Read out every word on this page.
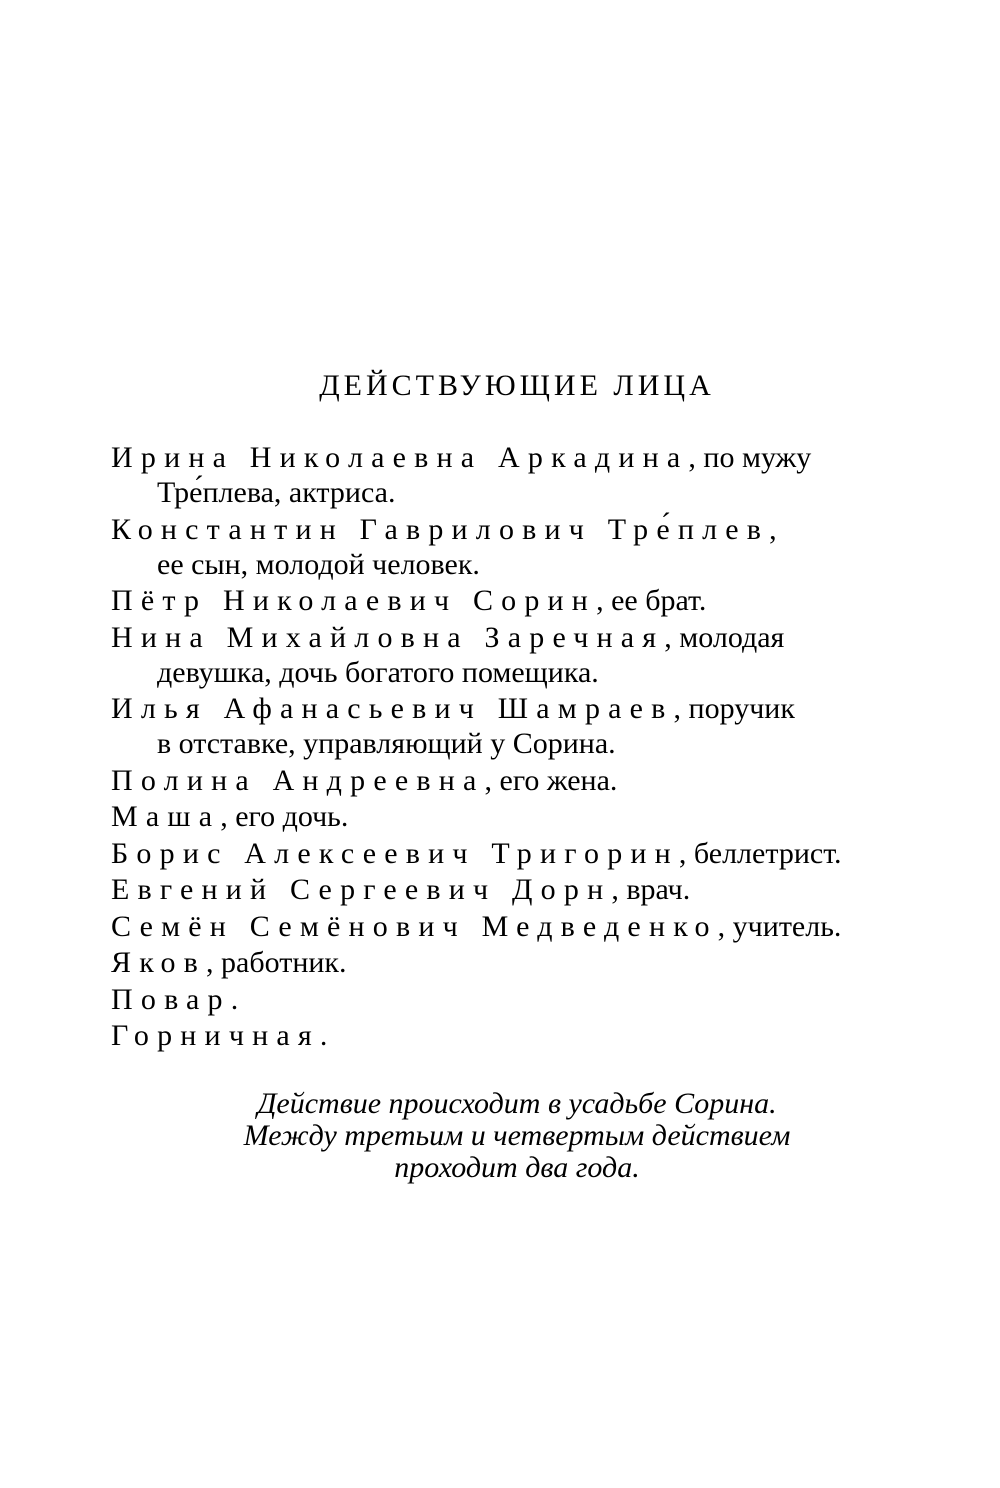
ДЕЙСТВУЮЩИЕ ЛИЦА
Ирина Николаевна Аркадина, по мужу
Тре́плева, актриса.
Константин Гаврилович Тре́плев,
ее сын, молодой человек.
Пётр Николаевич Сорин, ее брат.
Нина Михайловна Заречная, молодая
девушка, дочь богатого помещика.
Илья Афанасьевич Шамраев, поручик
в отставке, управляющий у Сорина.
Полина Андреевна, его жена.
Маша, его дочь.
Борис Алексеевич Тригорин, беллетрист.
Евгений Сергеевич Дорн, врач.
Семён Семёнович Медведенко, учитель.
Яков, работник.
Повар.
Горничная.
Действие происходит в усадьбе Сорина.
Между третьим и четвертым действием
проходит два года.
